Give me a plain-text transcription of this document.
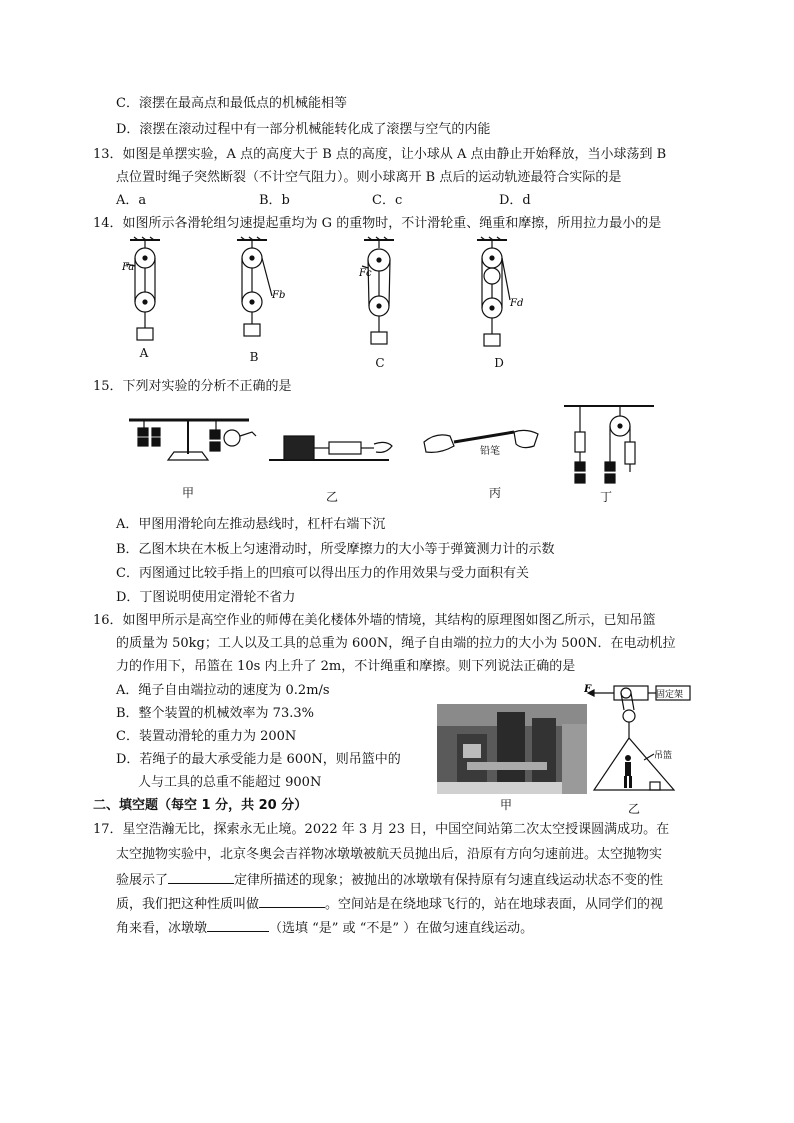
C．滚摆在最高点和最低点的机械能相等
D．滚摆在滚动过程中有一部分机械能转化成了滚摆与空气的内能
13．如图是单摆实验，A 点的高度大于 B 点的高度，让小球从 A 点由静止开始释放，当小球荡到 B
点位置时绳子突然断裂（不计空气阻力）。则小球离开 B 点后的运动轨迹最符合实际的是
A．a	B．b	C．c	D．d
14．如图所示各滑轮组匀速提起重均为 G 的重物时，不计滑轮重、绳重和摩擦，所用拉力最小的是
Fa
Fb
Fc
Fd
A	B	C	D
15．下列对实验的分析不正确的是
铅笔
甲	乙	丙	丁
A．甲图用滑轮向左推动悬线时，杠杆右端下沉
B．乙图木块在木板上匀速滑动时，所受摩擦力的大小等于弹簧测力计的示数
C．丙图通过比较手指上的凹痕可以得出压力的作用效果与受力面积有关
D．丁图说明使用定滑轮不省力
16．如图甲所示是高空作业的师傅在美化楼体外墙的情境，其结构的原理图如图乙所示，已知吊篮
的质量为 50kg；工人以及工具的总重为 600N，绳子自由端的拉力的大小为 500N．在电动机拉
力的作用下，吊篮在 10s 内上升了 2m，不计绳重和摩擦。则下列说法正确的是
A．绳子自由端拉动的速度为 0.2m/s
B．整个装置的机械效率为 73.3%
C．装置动滑轮的重力为 200N
D．若绳子的最大承受能力是 600N，则吊篮中的
人与工具的总重不能超过 900N
甲
F	固定架
吊篮
乙
二、填空题（每空 1 分，共 20 分）
17．星空浩瀚无比，探索永无止境。2022 年 3 月 23 日，中国空间站第二次太空授课圆满成功。在
太空抛物实验中，北京冬奥会吉祥物冰墩墩被航天员抛出后，沿原有方向匀速前进。太空抛物实
验展示了	定律所描述的现象；被抛出的冰墩墩有保持原有匀速直线运动状态不变的性
质，我们把这种性质叫做	。空间站是在绕地球飞行的，站在地球表面，从同学们的视
角来看，冰墩墩	（选填 “是” 或 “不是” ）在做匀速直线运动。
